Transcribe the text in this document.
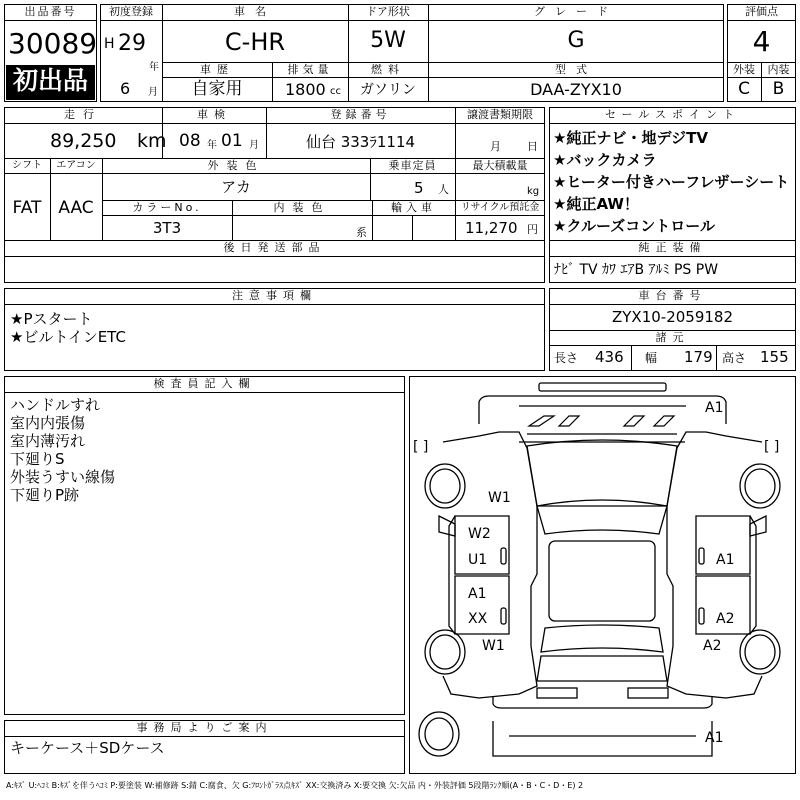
出品番号
30089
初出品
初度登録
H 29
年
6 月
車名
C-HR
ドア形状
5W
グレード
G
車歴
自家用
排気量
1800 cc
燃料
ガソリン
型式
DAA-ZYX10
評価点
4
外装	内装
C	B
走行
89,250 km
車検
08 年 01 月
登録番号
仙台 333ﾗ1114
譲渡書類期限
月 日
シフト
FAT
エアコン
AAC
外装色
アカ
乗車定員
5 人
最大積載量
kg
カラーNo.
3T3
内装色
系
輸入車	リサイクル預託金
11,270 円
後日発送部品
セールスポイント
★純正ナビ・地デジTV
★バックカメラ
★ヒーター付きハーフレザーシート
★純正AW！
★クルーズコントロール
純正装備
ﾅﾋﾞ TV ｶﾜ ｴｱB ｱﾙﾐ PS PW
注意事項欄
★Pスタート
★ビルトインETC
車台番号
ZYX10-2059182
諸元
長さ 436 幅 179 高さ 155
検査員記入欄
ハンドルすれ
室内内張傷
室内薄汚れ
下廻りS
外装うすい線傷
下廻りP跡
事務局よりご案内
キーケース＋SDケース
A1
[ ]	[ ]
W1
W2
U1
A1
XX
W1
A1
A2
A2
A1
A:ｷｽﾞ U:ﾍｺﾐ B:ｷｽﾞを伴うﾍｺﾐ P:要塗装 W:補修跡 S:錆 C:腐食、欠 G:ﾌﾛﾝﾄｶﾞﾗｽ点ｷｽﾞ XX:交換済み X:要交換 欠:欠品 内・外装評価 5段階ﾗﾝｸ順(A・B・C・D・E) 2
